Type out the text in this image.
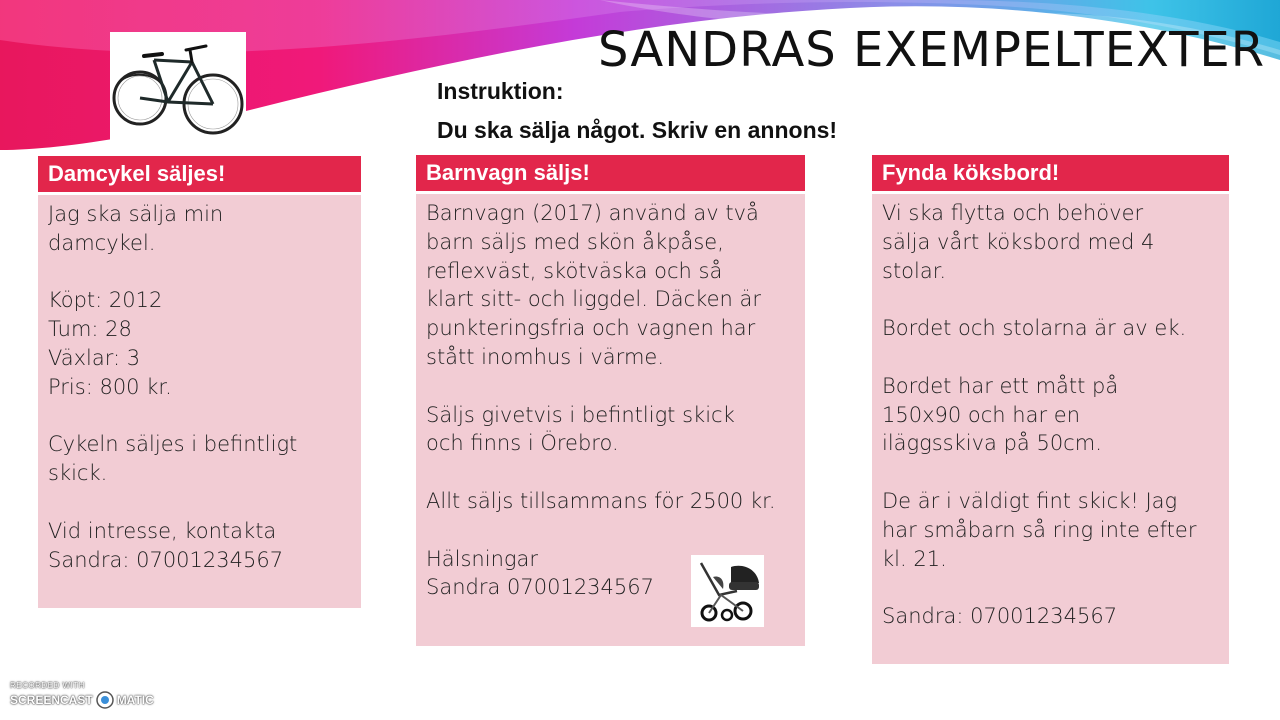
SANDRAS EXEMPELTEXTER
Instruktion:
Du ska sälja något. Skriv en annons!
Damcykel säljes!
Jag ska sälja min
damcykel.
Köpt: 2012
Tum: 28
Växlar: 3
Pris: 800 kr.
Cykeln säljes i befintligt
skick.
Vid intresse, kontakta
Sandra: 07001234567
Barnvagn säljs!
Barnvagn (2017) använd av två
barn säljs med skön åkpåse,
reflexväst, skötväska och så
klart sitt- och liggdel. Däcken är
punkteringsfria och vagnen har
stått inomhus i värme.
Säljs givetvis i befintligt skick
och finns i Örebro.
Allt säljs tillsammans för 2500 kr.
Hälsningar
Sandra 07001234567
Fynda köksbord!
Vi ska flytta och behöver
sälja vårt köksbord med 4
stolar.
Bordet och stolarna är av ek.
Bordet har ett mått på
150x90 och har en
iläggsskiva på 50cm.
De är i väldigt fint skick! Jag
har småbarn så ring inte efter
kl. 21.
Sandra: 07001234567
RECORDED WITH
SCREENCAST MATIC
